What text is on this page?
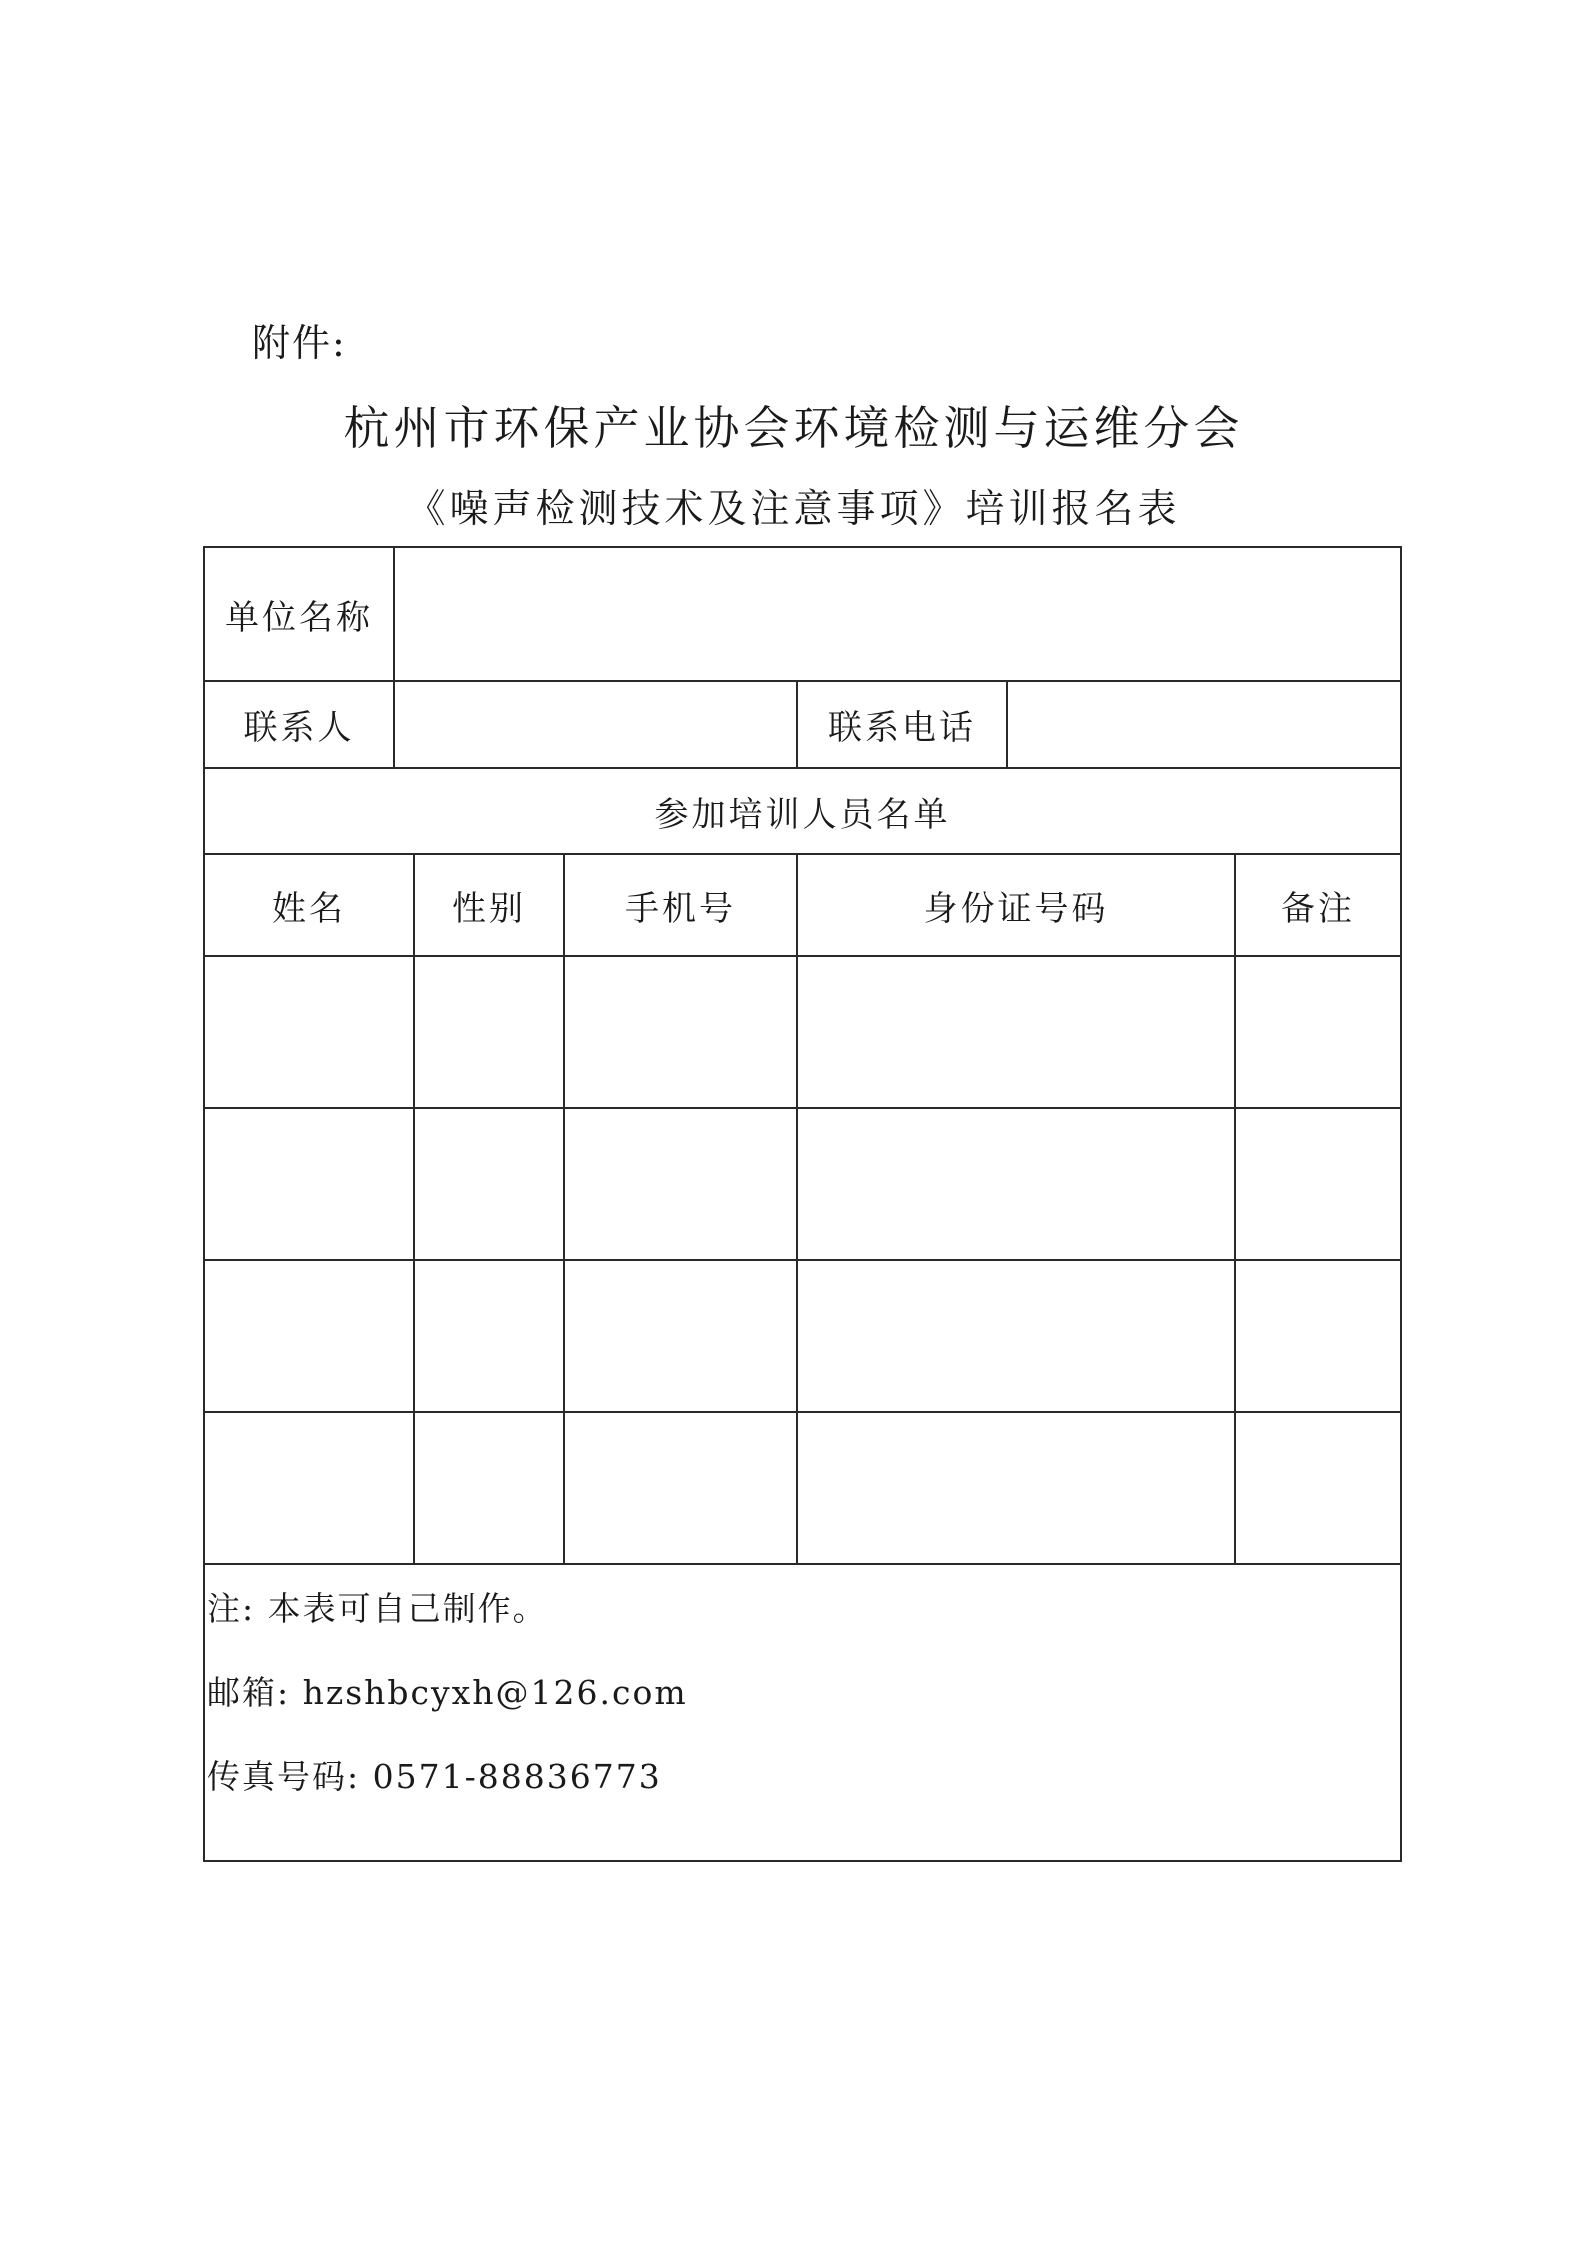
附件:
杭州市环保产业协会环境检测与运维分会
《噪声检测技术及注意事项》培训报名表
单位名称						
联系人				联系电话		
参加培训人员名单						
姓名		性别	手机号	身份证号码		备注

注: 本表可自己制作。
邮箱: hzshbcyxh@126.com
传真号码: 0571-88836773						
